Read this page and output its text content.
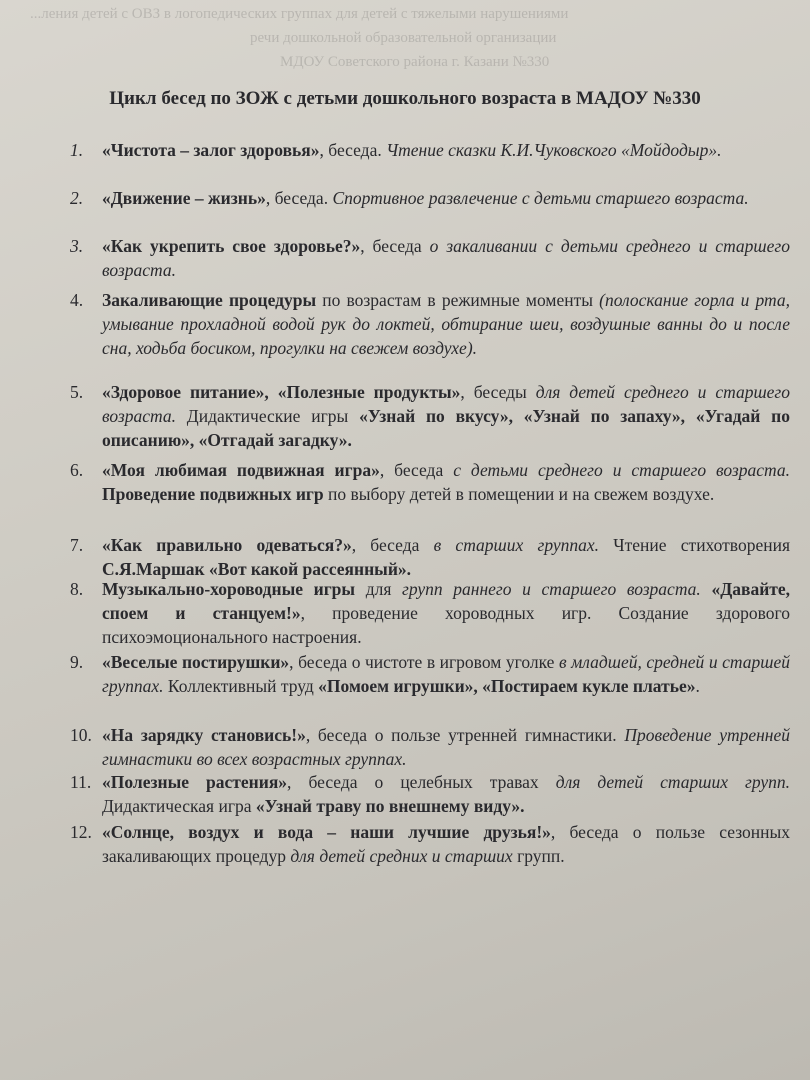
...ления детей с ОВЗ в логопедических группах для детей с тяжелыми нарушениями
речи дошкольной образовательной организации
МДОУ Советского района г. Казани №330
Цикл бесед по ЗОЖ с детьми дошкольного возраста в МАДОУ №330
1. «Чистота – залог здоровья», беседа. Чтение сказки К.И.Чуковского «Мойдодыр».
2. «Движение – жизнь», беседа. Спортивное развлечение с детьми старшего возраста.
3. «Как укрепить свое здоровье?», беседа о закаливании с детьми среднего и старшего возраста.
4. Закаливающие процедуры по возрастам в режимные моменты (полоскание горла и рта, умывание прохладной водой рук до локтей, обтирание шеи, воздушные ванны до и после сна, ходьба босиком, прогулки на свежем воздухе).
5. «Здоровое питание», «Полезные продукты», беседы для детей среднего и старшего возраста. Дидактические игры «Узнай по вкусу», «Узнай по запаху», «Угадай по описанию», «Отгадай загадку».
6. «Моя любимая подвижная игра», беседа с детьми среднего и старшего возраста. Проведение подвижных игр по выбору детей в помещении и на свежем воздухе.
7. «Как правильно одеваться?», беседа в старших группах. Чтение стихотворения С.Я.Маршак «Вот какой рассеянный».
8. Музыкально-хороводные игры для групп раннего и старшего возраста. «Давайте, споем и станцуем!», проведение хороводных игр. Создание здорового психоэмоционального настроения.
9. «Веселые постирушки», беседа о чистоте в игровом уголке в младшей, средней и старшей группах. Коллективный труд «Помоем игрушки», «Постираем кукле платье».
10. «На зарядку становись!», беседа о пользе утренней гимнастики. Проведение утренней гимнастики во всех возрастных группах.
11. «Полезные растения», беседа о целебных травах для детей старших групп. Дидактическая игра «Узнай траву по внешнему виду».
12. «Солнце, воздух и вода – наши лучшие друзья!», беседа о пользе сезонных закаливающих процедур для детей средних и старших групп.
